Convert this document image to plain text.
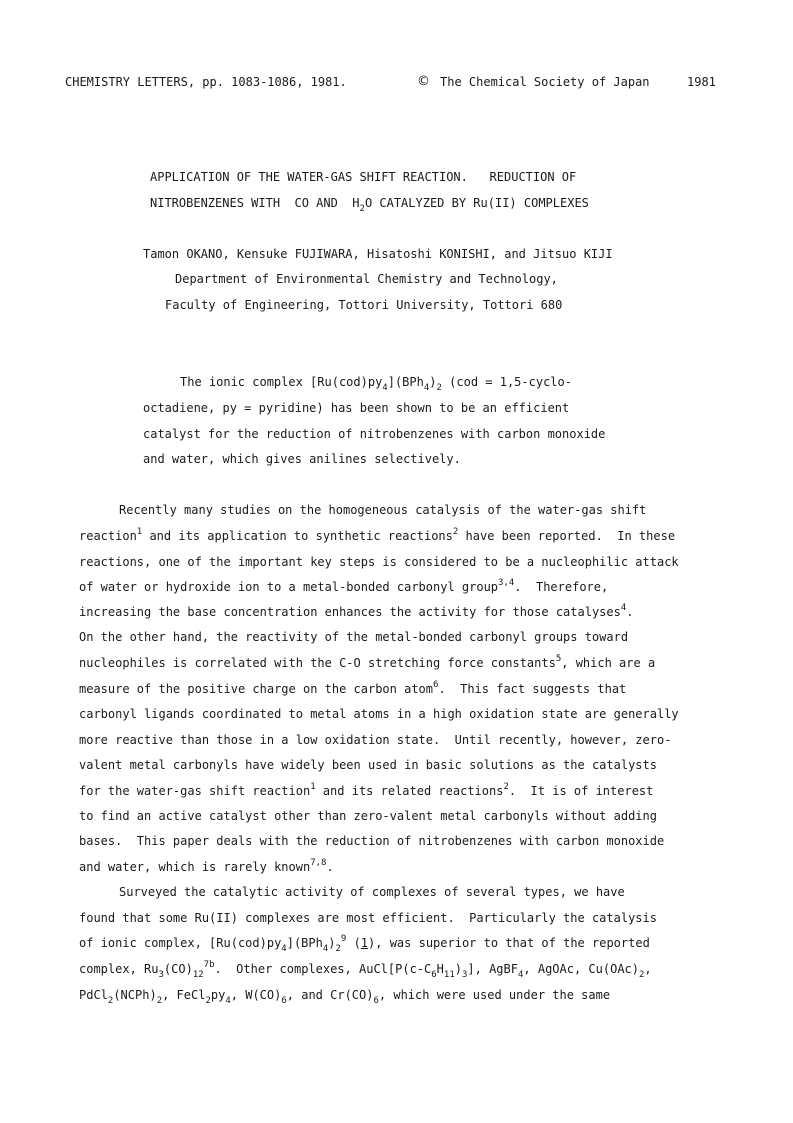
CHEMISTRY LETTERS, pp. 1083-1086, 1981.	© The Chemical Society of Japan	1981
APPLICATION OF THE WATER-GAS SHIFT REACTION.   REDUCTION OF
NITROBENZENES WITH  CO AND  $H_2O$ CATALYZED BY Ru(II) COMPLEXES
Tamon OKANO, Kensuke FUJIWARA, Hisatoshi KONISHI, and Jitsuo KIJI
Department of Environmental Chemistry and Technology,
Faculty of Engineering, Tottori University, Tottori 680
The ionic complex $[Ru(cod)py_4](BPh_4)_2$ (cod = 1,5-cyclo-
octadiene, py = pyridine) has been shown to be an efficient
catalyst for the reduction of nitrobenzenes with carbon monoxide
and water, which gives anilines selectively.
Recently many studies on the homogeneous catalysis of the water-gas shift
reaction$^1$ and its application to synthetic reactions$^2$ have been reported.  In these
reactions, one of the important key steps is considered to be a nucleophilic attack
of water or hydroxide ion to a metal-bonded carbonyl group$^{3,4}$.  Therefore,
increasing the base concentration enhances the activity for those catalyses$^4$.
On the other hand, the reactivity of the metal-bonded carbonyl groups toward
nucleophiles is correlated with the C-O stretching force constants$^5$, which are a
measure of the positive charge on the carbon atom$^6$.  This fact suggests that
carbonyl ligands coordinated to metal atoms in a high oxidation state are generally
more reactive than those in a low oxidation state.  Until recently, however, zero-
valent metal carbonyls have widely been used in basic solutions as the catalysts
for the water-gas shift reaction$^1$ and its related reactions$^2$.  It is of interest
to find an active catalyst other than zero-valent metal carbonyls without adding
bases.  This paper deals with the reduction of nitrobenzenes with carbon monoxide
and water, which is rarely known$^{7,8}$.
Surveyed the catalytic activity of complexes of several types, we have
found that some Ru(II) complexes are most efficient.  Particularly the catalysis
of ionic complex, $[Ru(cod)py_4](BPh_4)_2^9$ (1), was superior to that of the reported
complex, $Ru_3(CO)_{12}^{7b}$.  Other complexes, $AuCl[P(c-C_6H_{11})_3]$, AgBF$_4$, AgOAc, $Cu(OAc)_2$,
$PdCl_2(NCPh)_2$, $FeCl_2py_4$, $W(CO)_6$, and $Cr(CO)_6$, which were used under the same
